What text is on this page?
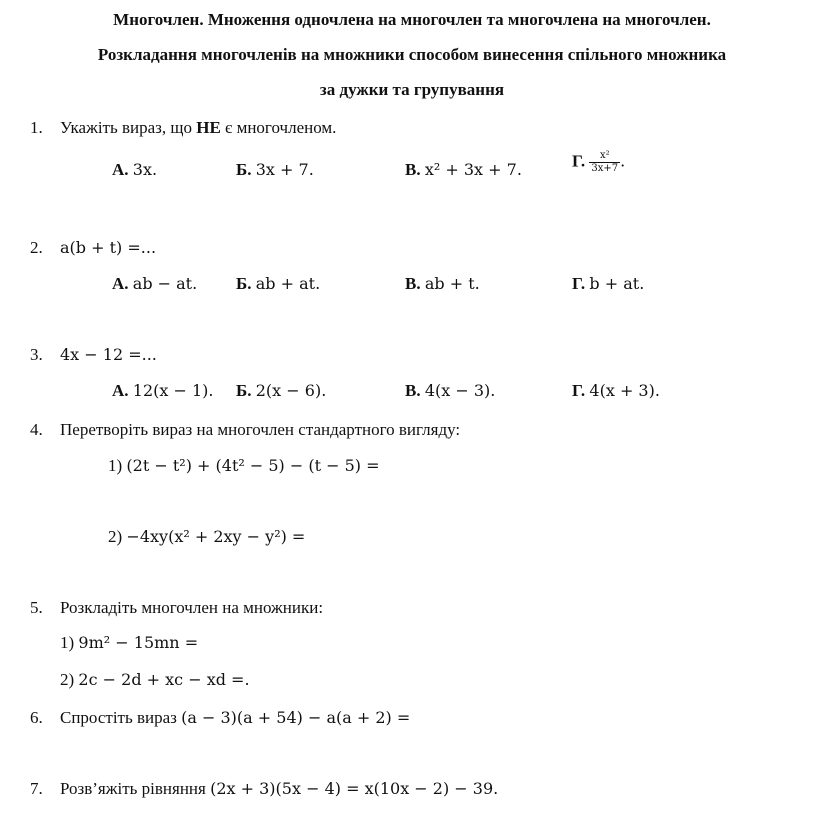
Многочлен. Множення одночлена на многочлен та многочлена на многочлен.
Розкладання многочленів на множники способом винесення спільного множника
за дужки та групування
1. Укажіть вираз, що НЕ є многочленом.
А. 3x.	Б. 3x + 7.	В. x² + 3x + 7.	Г. $\frac{\text{x²}}{3x+7}$ .
2. a(b + t) =...
А. ab − at. Б. ab + at.	В. ab + t.	Г. b + at.
3. 4x − 12 =...
А. 12(x − 1). Б. 2(x − 6).	В. 4(x − 3).	Г. 4(x + 3).
4. Перетворіть вираз на многочлен стандартного вигляду:
1) (2t − t²) + (4t² − 5) − (t − 5) =
2) −4xy(x² + 2xy − y²) =
5. Розкладіть многочлен на множники:
1) 9m² − 15mn =
2) 2c − 2d + xc − xd =.
6. Спростіть вираз (a − 3)(a + 54) − a(a + 2) =
7. Розв’яжіть рівняння (2x + 3)(5x − 4) = x(10x − 2) − 39.
